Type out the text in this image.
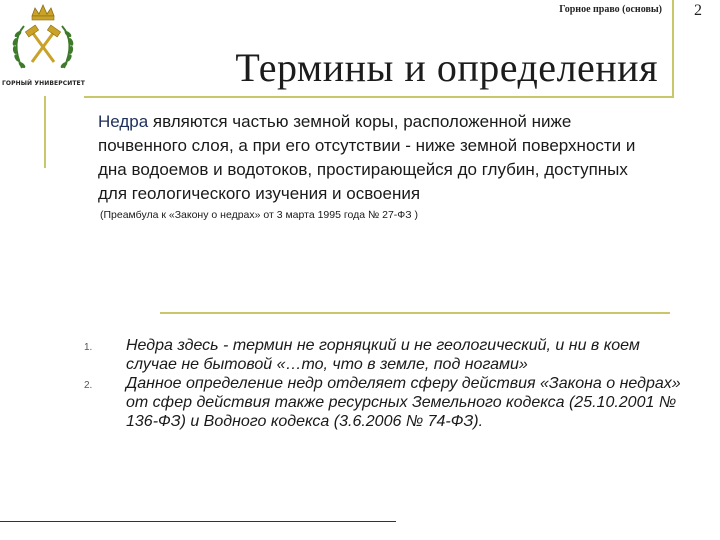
ГОРНЫЙ УНИВЕРСИТЕТ
Горное право (основы) 2
Термины и определения
Недра являются частью земной коры, расположенной ниже почвенного слоя, а при его отсутствии - ниже земной поверхности и дна водоемов и водотоков, простирающейся до глубин, доступных для геологического изучения и освоения
(Преамбула к «Закону о недрах» от 3 марта 1995 года № 27-ФЗ )
1. Недра здесь - термин не горняцкий и не геологический, и ни в коем случае не бытовой «…то, что в земле, под ногами»
2. Данное определение недр отделяет сферу действия «Закона о недрах» от сфер действия также ресурсных Земельного кодекса (25.10.2001 № 136-ФЗ) и Водного кодекса (3.6.2006 № 74-ФЗ).
